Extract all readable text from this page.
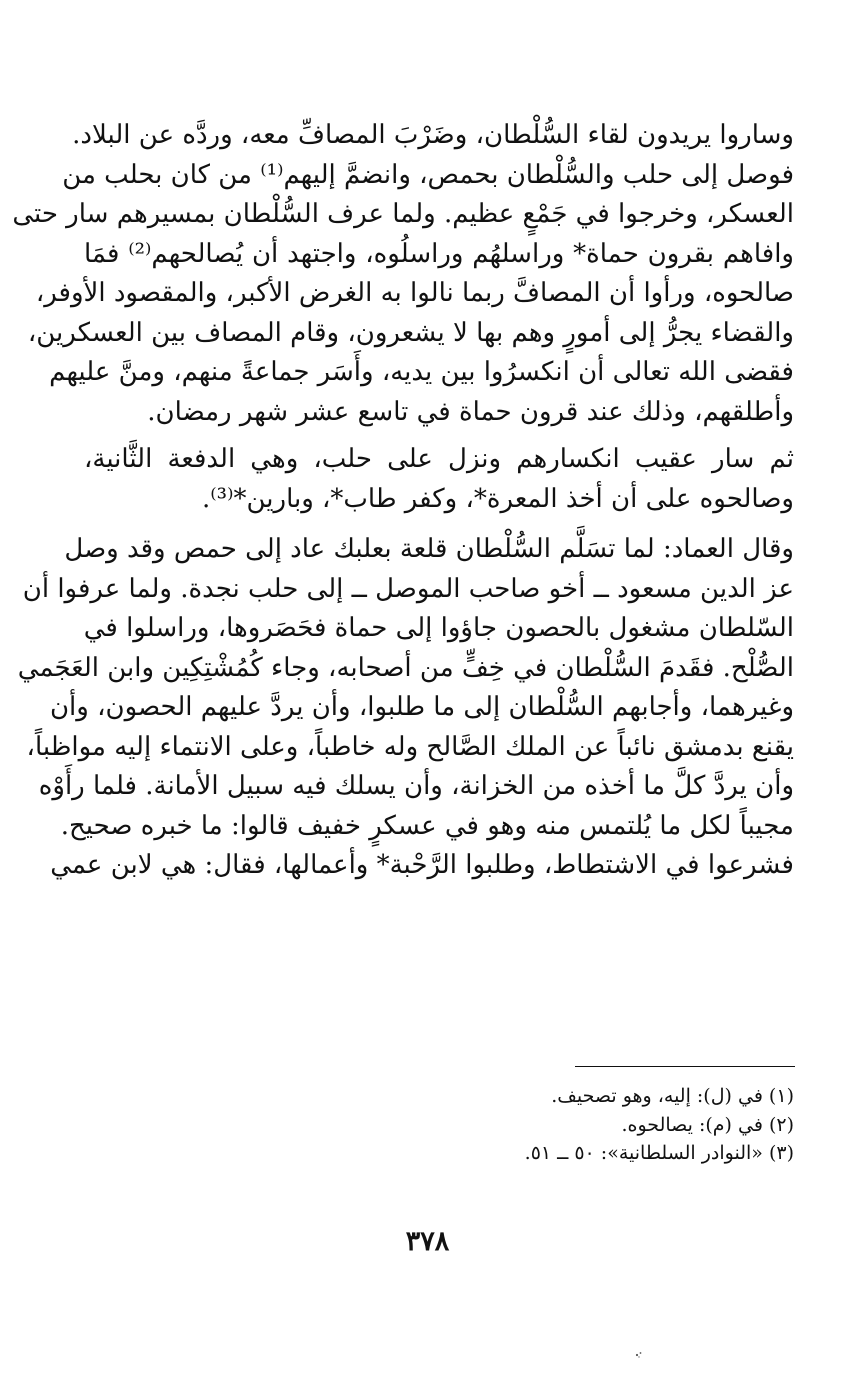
وساروا يريدون لقاء السُّلْطان، وضَرْبَ المصافِّ معه، وردَّه عن البلاد.
فوصل إلى حلب والسُّلْطان بحمص، وانضمَّ إليهم⁽¹⁾ من كان بحلب من
العسكر، وخرجوا في جَمْعٍ عظيم. ولما عرف السُّلْطان بمسيرهم سار حتى
وافاهم بقرون حماة* وراسلهُم وراسلُوه، واجتهد أن يُصالحهم⁽²⁾ فمَا
صالحوه، ورأوا أن المصافَّ ربما نالوا به الغرض الأكبر، والمقصود الأوفر،
والقضاء يجرُّ إلى أمورٍ وهم بها لا يشعرون، وقام المصاف بين العسكرين،
فقضى الله تعالى أن انكسرُوا بين يديه، وأَسَر جماعةً منهم، ومنَّ عليهم
وأطلقهم، وذلك عند قرون حماة في تاسع عشر شهر رمضان.
ثم سار عقيب انكسارهم ونزل على حلب، وهي الدفعة الثَّانية،
وصالحوه على أن أخذ المعرة*، وكفر طاب*، وبارين*⁽³⁾.
وقال العماد: لما تسَلَّم السُّلْطان قلعة بعلبك عاد إلى حمص وقد وصل
عز الدين مسعود ــ أخو صاحب الموصل ــ إلى حلب نجدة. ولما عرفوا أن
السّلطان مشغول بالحصون جاؤوا إلى حماة فحَصَروها، وراسلوا في
الصُّلْح. فقَدمَ السُّلْطان في خِفٍّ من أصحابه، وجاء كُمُشْتِكِين وابن العَجَمي
وغيرهما، وأجابهم السُّلْطان إلى ما طلبوا، وأن يردَّ عليهم الحصون، وأن
يقنع بدمشق نائباً عن الملك الصَّالح وله خاطباً، وعلى الانتماء إليه مواظباً،
وأن يردَّ كلَّ ما أخذه من الخزانة، وأن يسلك فيه سبيل الأمانة. فلما رأَوْه
مجيباً لكل ما يُلتمس منه وهو في عسكرٍ خفيف قالوا: ما خبره صحيح.
فشرعوا في الاشتطاط، وطلبوا الرَّحْبة* وأعمالها، فقال: هي لابن عمي
(١) في (ل): إليه، وهو تصحيف.
(٢) في (م): يصالحوه.
(٣) «النوادر السلطانية»: ٥٠ ــ ٥١.
٣٧٨
